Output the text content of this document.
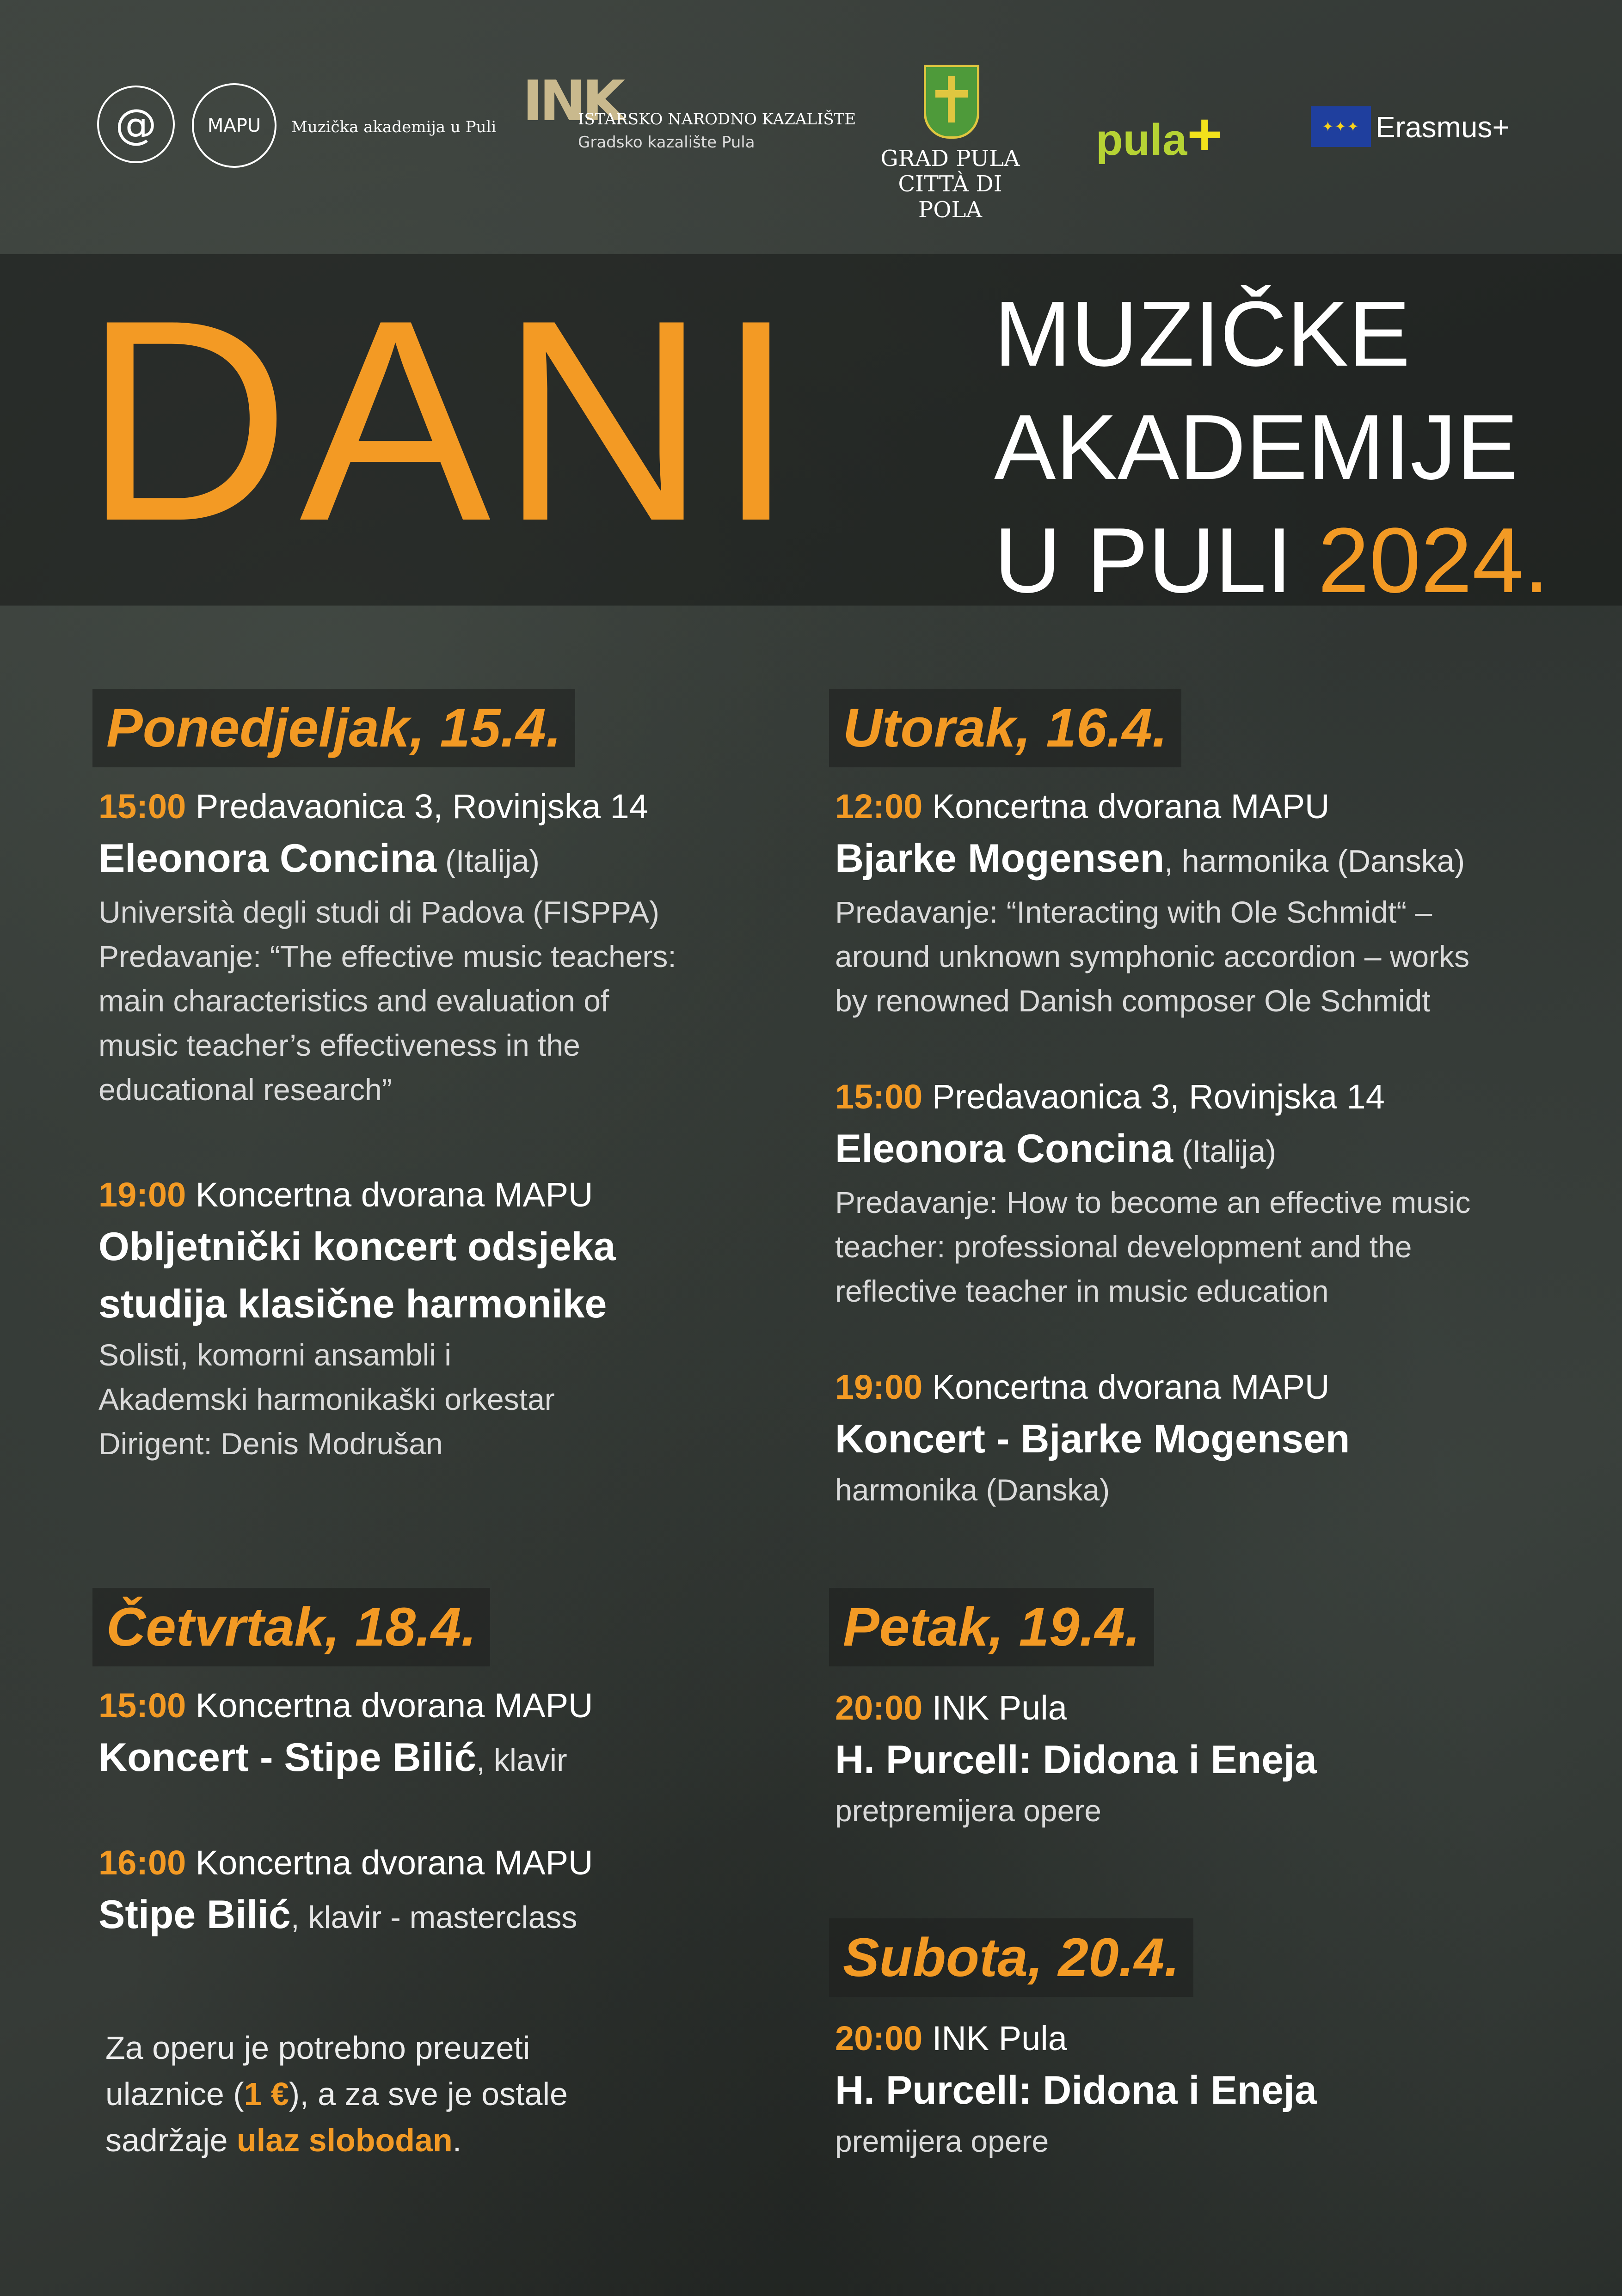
@	MAPU Muzička akademija u Puli INK
ISTARSKO NARODNO KAZALIŠTE
Gradsko kazalište Pula
GRAD PULA
CITTÀ DI POLA
pula+	✦✦✦ Erasmus+
DANI MUZIČKE
AKADEMIJE
U PULI 2024.
Ponedjeljak, 15.4.
15:00 Predavaonica 3, Rovinjska 14
Eleonora Concina (Italija)
Università degli studi di Padova (FISPPA)
Predavanje: “The effective music teachers:
main characteristics and evaluation of
music teacher’s effectiveness in the
educational research”
19:00 Koncertna dvorana MAPU
Obljetnički koncert odsjeka
studija klasične harmonike
Solisti, komorni ansambli i
Akademski harmonikaški orkestar
Dirigent: Denis Modrušan
Utorak, 16.4.
12:00 Koncertna dvorana MAPU
Bjarke Mogensen, harmonika (Danska)
Predavanje: “Interacting with Ole Schmidt“ –
around unknown symphonic accordion – works
by renowned Danish composer Ole Schmidt
15:00 Predavaonica 3, Rovinjska 14
Eleonora Concina (Italija)
Predavanje: How to become an effective music
teacher: professional development and the
reflective teacher in music education
19:00 Koncertna dvorana MAPU
Koncert - Bjarke Mogensen
harmonika (Danska)
Četvrtak, 18.4.
15:00 Koncertna dvorana MAPU
Koncert - Stipe Bilić, klavir
16:00 Koncertna dvorana MAPU
Stipe Bilić, klavir - masterclass
Petak, 19.4.
20:00 INK Pula
H. Purcell: Didona i Eneja
pretpremijera opere
Subota, 20.4.
20:00 INK Pula
H. Purcell: Didona i Eneja
premijera opere
Za operu je potrebno preuzeti
ulaznice (1 €), a za sve je ostale
sadržaje ulaz slobodan.
